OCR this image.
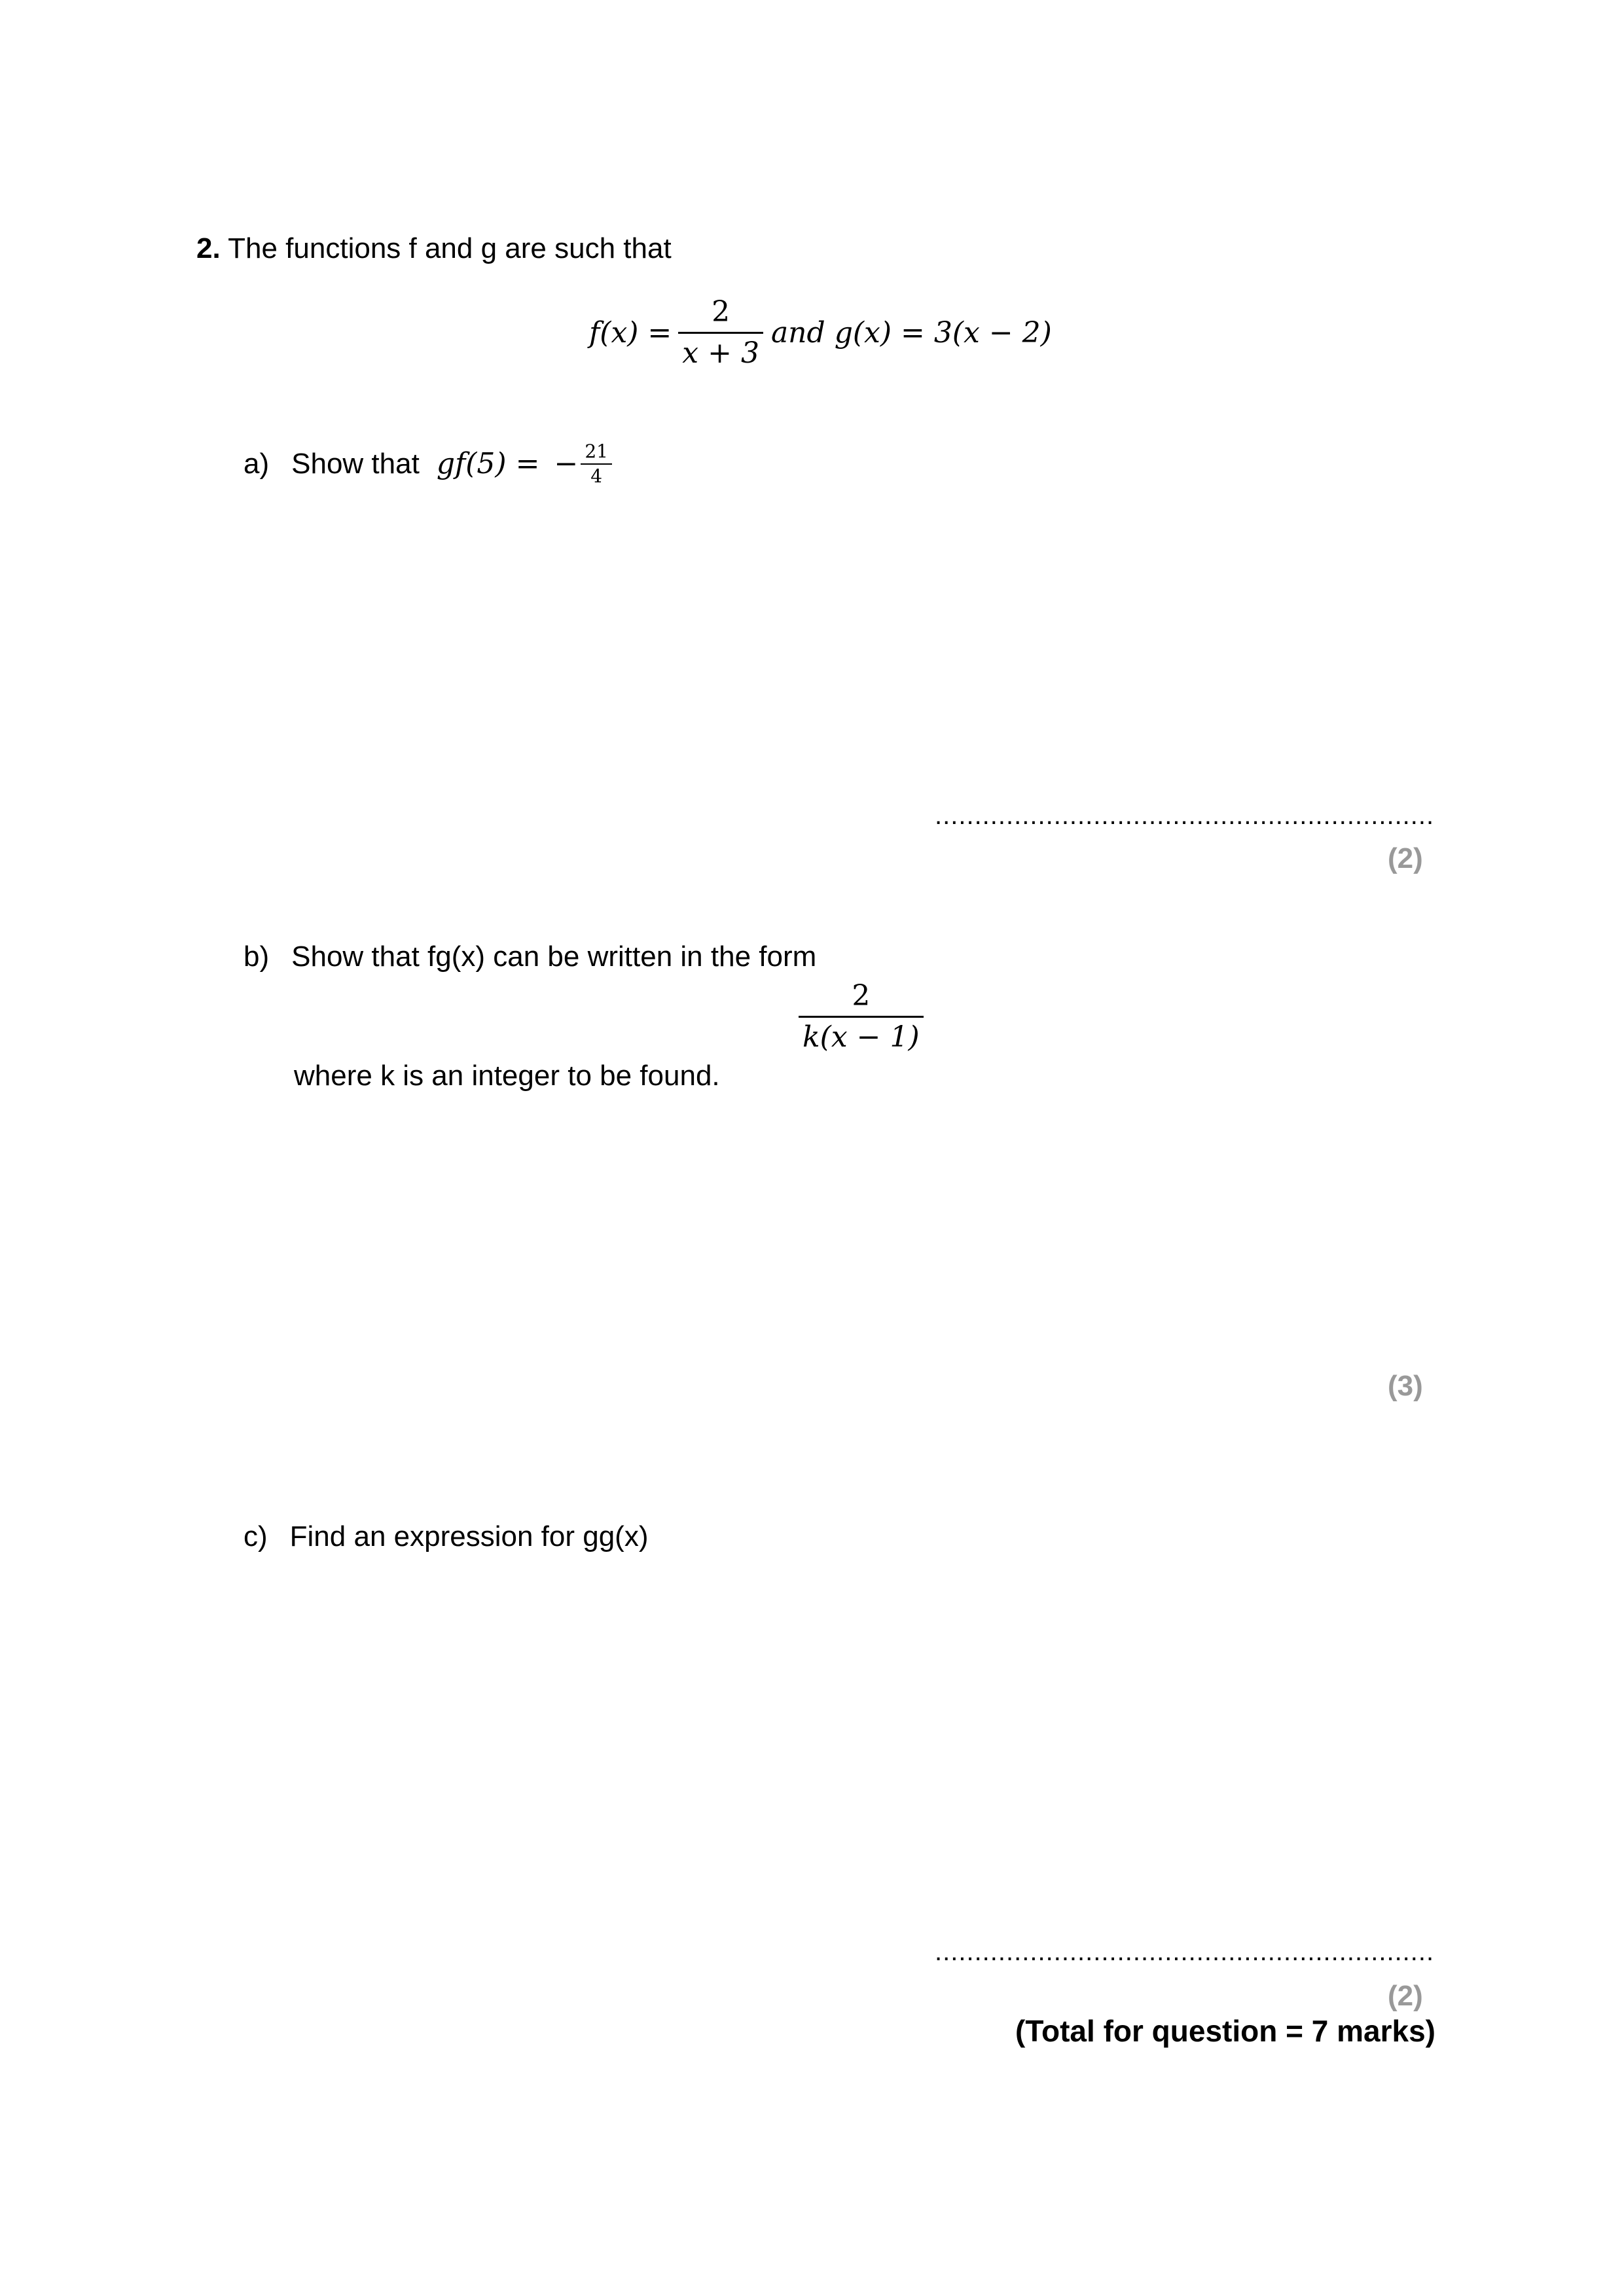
2. The functions f and g are such that
$f(x) = \frac{2}{x + 3}$ and g(x) = 3(x − 2)
a) Show that gf(5) = − $\frac{21}{4}$
...............................................................
(2)
b) Show that fg(x) can be written in the form
$\frac{2}{k(x - 1)}$
where k is an integer to be found.
(3)
c) Find an expression for gg(x)
...............................................................
(2)
(Total for question = 7 marks)
